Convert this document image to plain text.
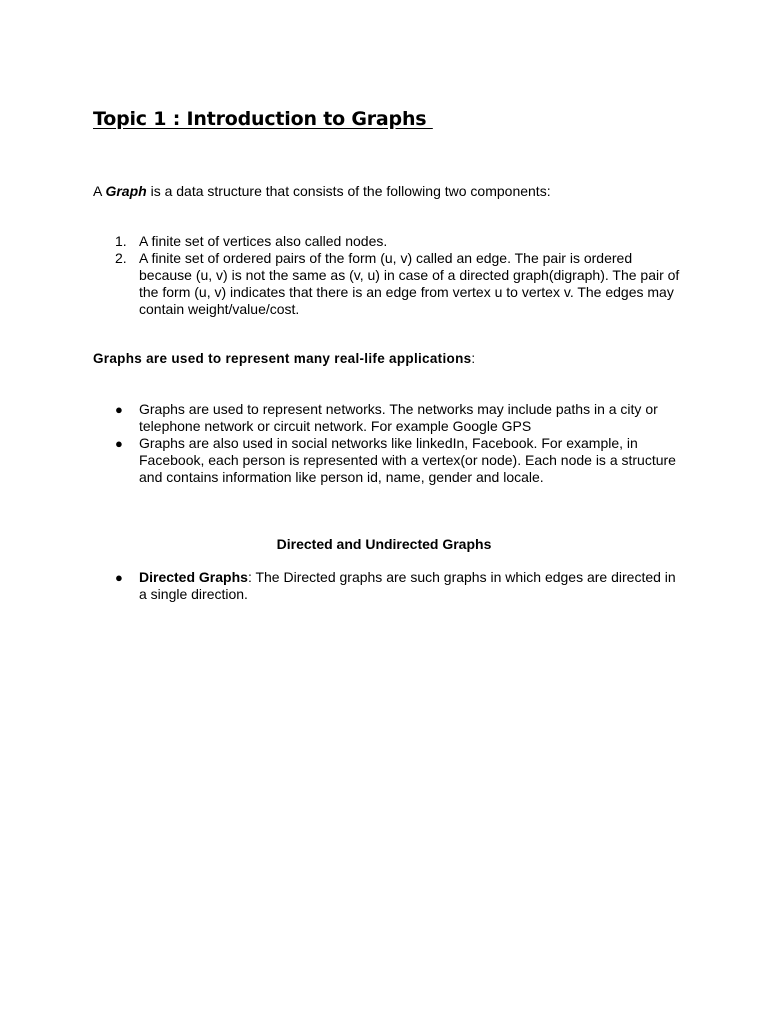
Topic 1 : Introduction to Graphs
A Graph is a data structure that consists of the following two components:
1. A finite set of vertices also called nodes.
2. A finite set of ordered pairs of the form (u, v) called an edge. The pair is ordered because (u, v) is not the same as (v, u) in case of a directed graph(digraph). The pair of the form (u, v) indicates that there is an edge from vertex u to vertex v. The edges may contain weight/value/cost.
Graphs are used to represent many real-life applications:
● Graphs are used to represent networks. The networks may include paths in a city or telephone network or circuit network. For example Google GPS
● Graphs are also used in social networks like linkedIn, Facebook. For example, in Facebook, each person is represented with a vertex(or node). Each node is a structure and contains information like person id, name, gender and locale.
Directed and Undirected Graphs
● Directed Graphs: The Directed graphs are such graphs in which edges are directed in a single direction.
